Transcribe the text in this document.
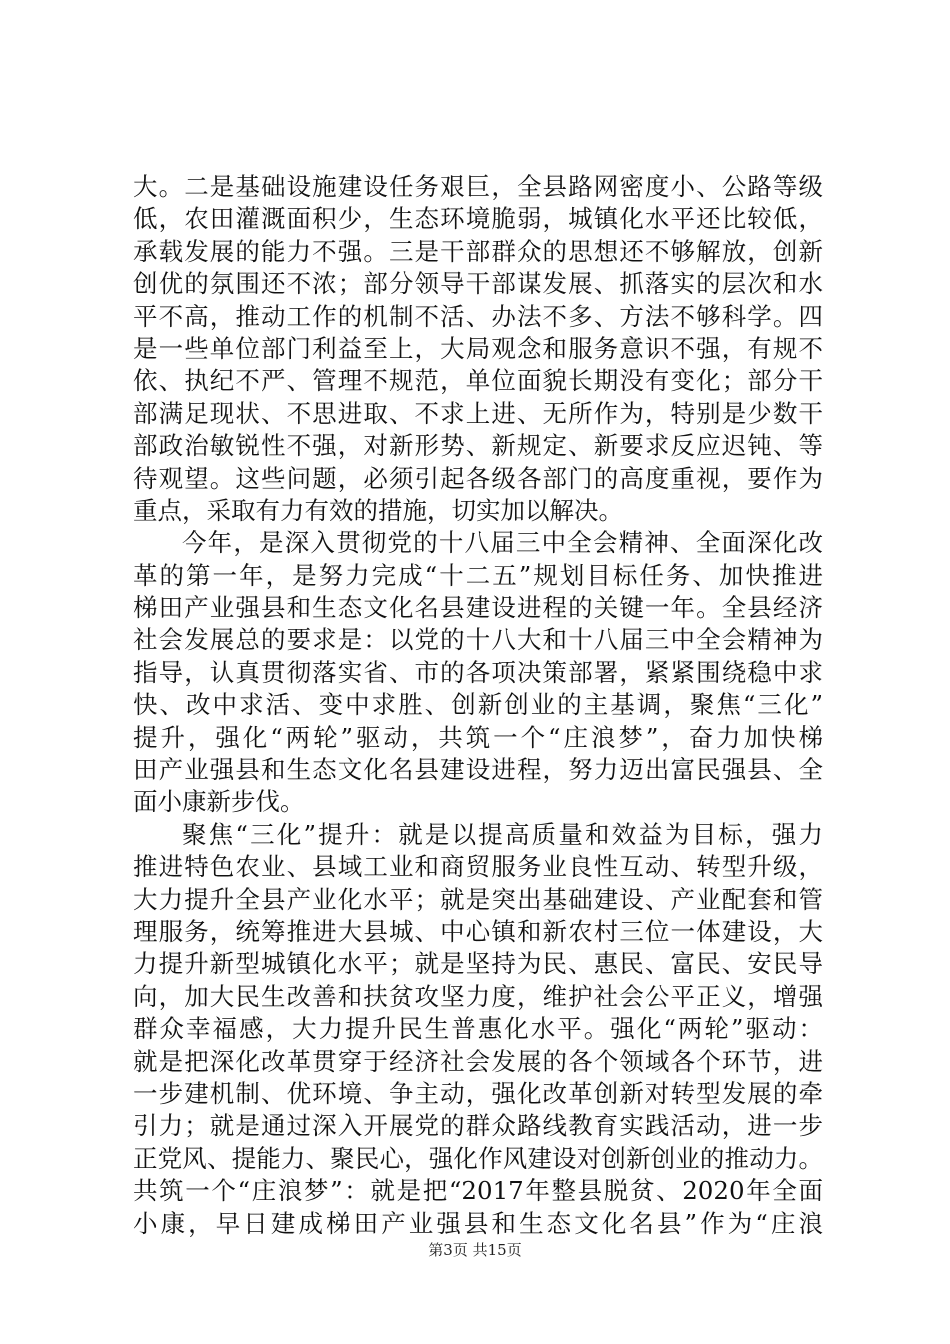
大。二是基础设施建设任务艰巨，全县路网密度小、公路等级
低，农田灌溉面积少，生态环境脆弱，城镇化水平还比较低，
承载发展的能力不强。三是干部群众的思想还不够解放，创新
创优的氛围还不浓；部分领导干部谋发展、抓落实的层次和水
平不高，推动工作的机制不活、办法不多、方法不够科学。四
是一些单位部门利益至上，大局观念和服务意识不强，有规不
依、执纪不严、管理不规范，单位面貌长期没有变化；部分干
部满足现状、不思进取、不求上进、无所作为，特别是少数干
部政治敏锐性不强，对新形势、新规定、新要求反应迟钝、等
待观望。这些问题，必须引起各级各部门的高度重视，要作为
重点，采取有力有效的措施，切实加以解决。
今年，是深入贯彻党的十八届三中全会精神、全面深化改
革的第一年，是努力完成“十二五”规划目标任务、加快推进
梯田产业强县和生态文化名县建设进程的关键一年。全县经济
社会发展总的要求是：以党的十八大和十八届三中全会精神为
指导，认真贯彻落实省、市的各项决策部署，紧紧围绕稳中求
快、改中求活、变中求胜、创新创业的主基调，聚焦“三化”
提升，强化“两轮”驱动，共筑一个“庄浪梦”，奋力加快梯
田产业强县和生态文化名县建设进程，努力迈出富民强县、全
面小康新步伐。
聚焦“三化”提升：就是以提高质量和效益为目标，强力
推进特色农业、县域工业和商贸服务业良性互动、转型升级，
大力提升全县产业化水平；就是突出基础建设、产业配套和管
理服务，统筹推进大县城、中心镇和新农村三位一体建设，大
力提升新型城镇化水平；就是坚持为民、惠民、富民、安民导
向，加大民生改善和扶贫攻坚力度，维护社会公平正义，增强
群众幸福感，大力提升民生普惠化水平。强化“两轮”驱动：
就是把深化改革贯穿于经济社会发展的各个领域各个环节，进
一步建机制、优环境、争主动，强化改革创新对转型发展的牵
引力；就是通过深入开展党的群众路线教育实践活动，进一步
正党风、提能力、聚民心，强化作风建设对创新创业的推动力。
共筑一个“庄浪梦”：就是把“2017年整县脱贫、2020年全面
小康，早日建成梯田产业强县和生态文化名县”作为“庄浪
第3页 共15页
